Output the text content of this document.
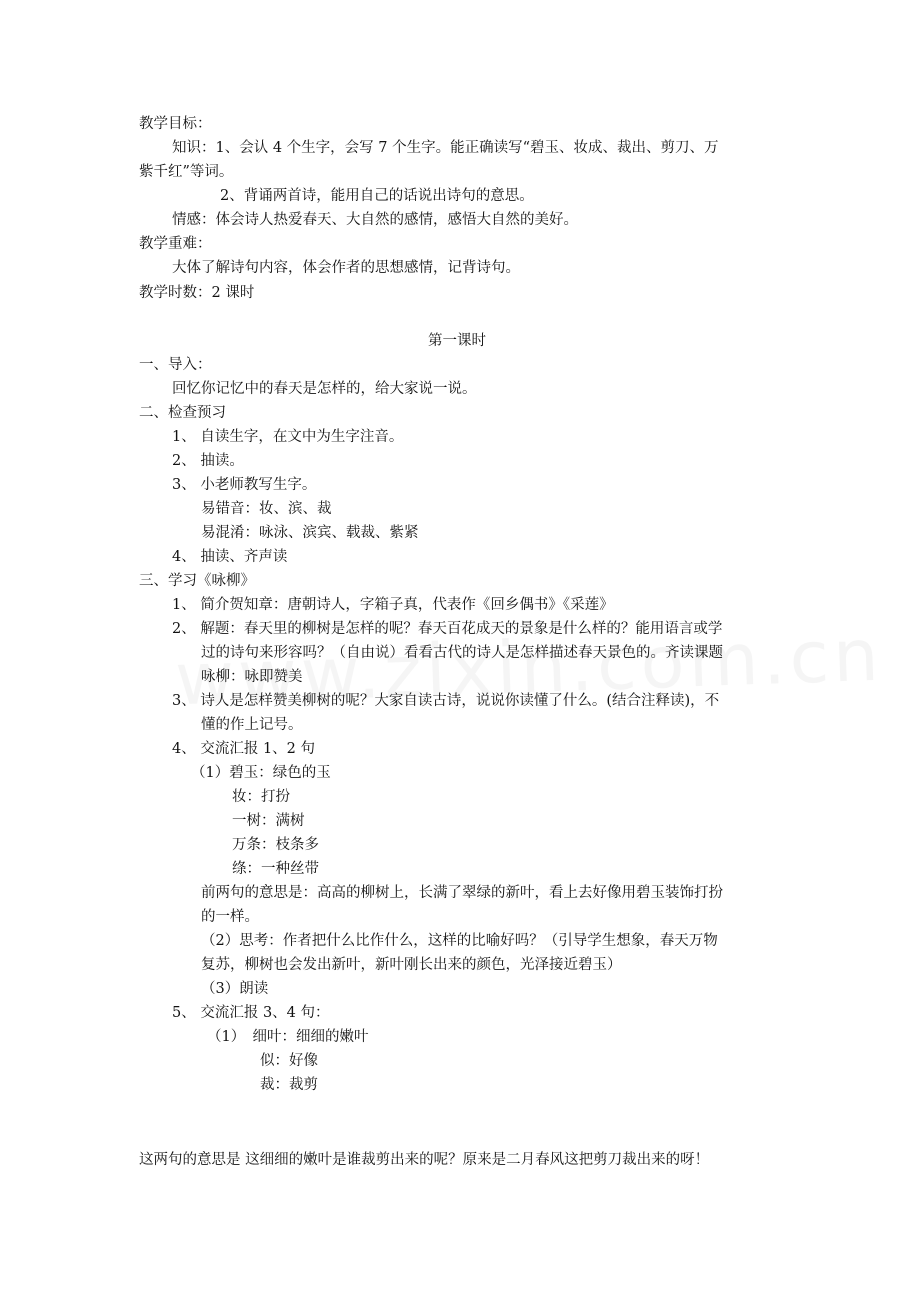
教学目标：
知识：1、会认 4 个生字，会写 7 个生字。能正确读写“碧玉、妆成、裁出、剪刀、万
紫千红”等词。
2、背诵两首诗，能用自己的话说出诗句的意思。
情感：体会诗人热爱春天、大自然的感情，感悟大自然的美好。
教学重难：
大体了解诗句内容，体会作者的思想感情，记背诗句。
教学时数：2 课时
第一课时
一、导入：
回忆你记忆中的春天是怎样的，给大家说一说。
二、检查预习
1、 自读生字，在文中为生字注音。
2、 抽读。
3、 小老师教写生字。
易错音：妆、滨、裁
易混淆：咏泳、滨宾、载裁、紫紧
4、 抽读、齐声读
三、学习《咏柳》
1、 简介贺知章：唐朝诗人，字箱子真，代表作《回乡偶书》《采莲》
2、 解题：春天里的柳树是怎样的呢？春天百花成天的景象是什么样的？能用语言或学
过的诗句来形容吗？（自由说）看看古代的诗人是怎样描述春天景色的。齐读课题
咏柳：咏即赞美
3、 诗人是怎样赞美柳树的呢？大家自读古诗，说说你读懂了什么。(结合注释读)，不
懂的作上记号。
4、 交流汇报 1、2 句
（1）碧玉：绿色的玉
妆：打扮
一树：满树
万条：枝条多
绦：一种丝带
前两句的意思是：高高的柳树上，长满了翠绿的新叶，看上去好像用碧玉装饰打扮
的一样。
（2）思考：作者把什么比作什么，这样的比喻好吗？（引导学生想象，春天万物
复苏，柳树也会发出新叶，新叶刚长出来的颜色，光泽接近碧玉）
（3）朗读
5、 交流汇报 3、4 句：
（1）　细叶：细细的嫩叶
似：好像
裁：裁剪
这两句的意思是 这细细的嫩叶是谁裁剪出来的呢？原来是二月春风这把剪刀裁出来的呀！
